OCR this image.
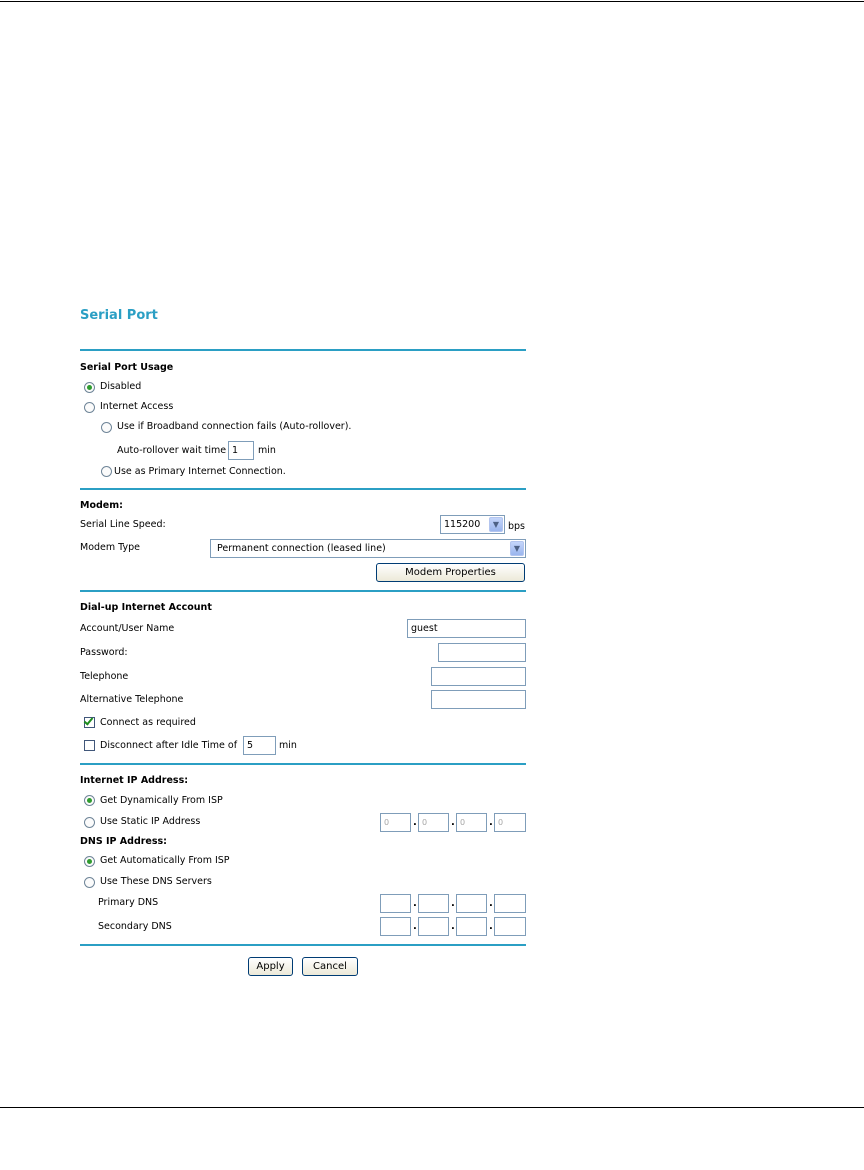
Serial Port
Serial Port Usage
Disabled
Internet Access
Use if Broadband connection fails (Auto-rollover).
Auto-rollover wait time 1	min
Use as Primary Internet Connection.
Modem:
Serial Line Speed:	115200	▼ bps
Modem Type	Permanent connection (leased line)	▼
Modem Properties
Dial-up Internet Account
Account/User Name	guest
Password:
Telephone
Alternative Telephone
Connect as required
Disconnect after Idle Time of	5	min
Internet IP Address:
Get Dynamically From ISP
Use Static IP Address	0	. 0	. 0	. 0
DNS IP Address:
Get Automatically From ISP
Use These DNS Servers
Primary DNS	.	.	.
Secondary DNS	.	.	.
Apply	Cancel
